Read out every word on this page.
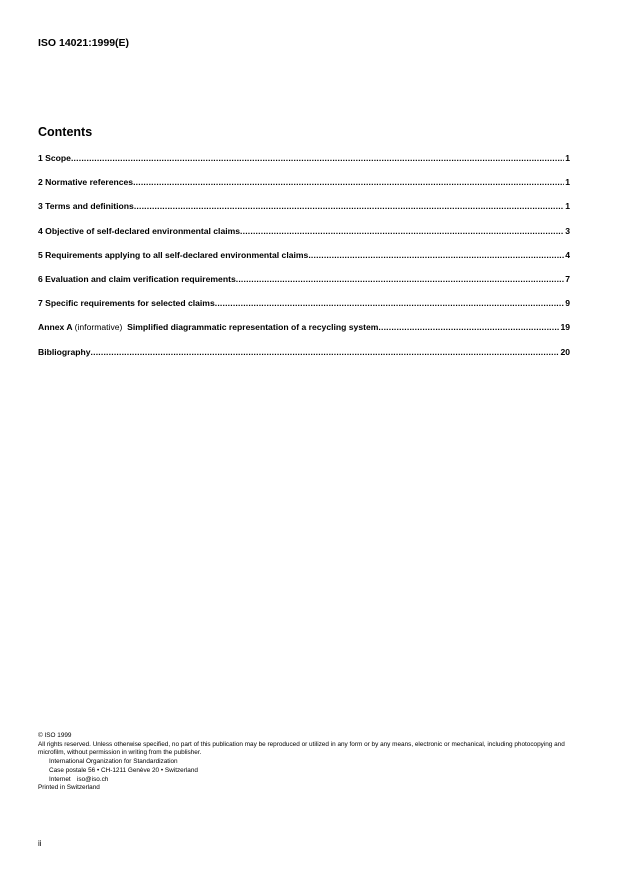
ISO 14021:1999(E)
Contents
1 Scope .....	1
2 Normative references .....	1
3 Terms and definitions .....	1
4 Objective of self-declared environmental claims .....	3
5 Requirements applying to all self-declared environmental claims .....	4
6 Evaluation and claim verification requirements .....	7
7 Specific requirements for selected claims .....	9
Annex A (informative) Simplified diagrammatic representation of a recycling system .....	19
Bibliography .....	20
© ISO 1999
All rights reserved. Unless otherwise specified, no part of this publication may be reproduced or utilized in any form or by any means, electronic or mechanical, including photocopying and microfilm, without permission in writing from the publisher.
International Organization for Standardization
Case postale 56 • CH-1211 Genève 20 • Switzerland
Internet iso@iso.ch
Printed in Switzerland
ii
